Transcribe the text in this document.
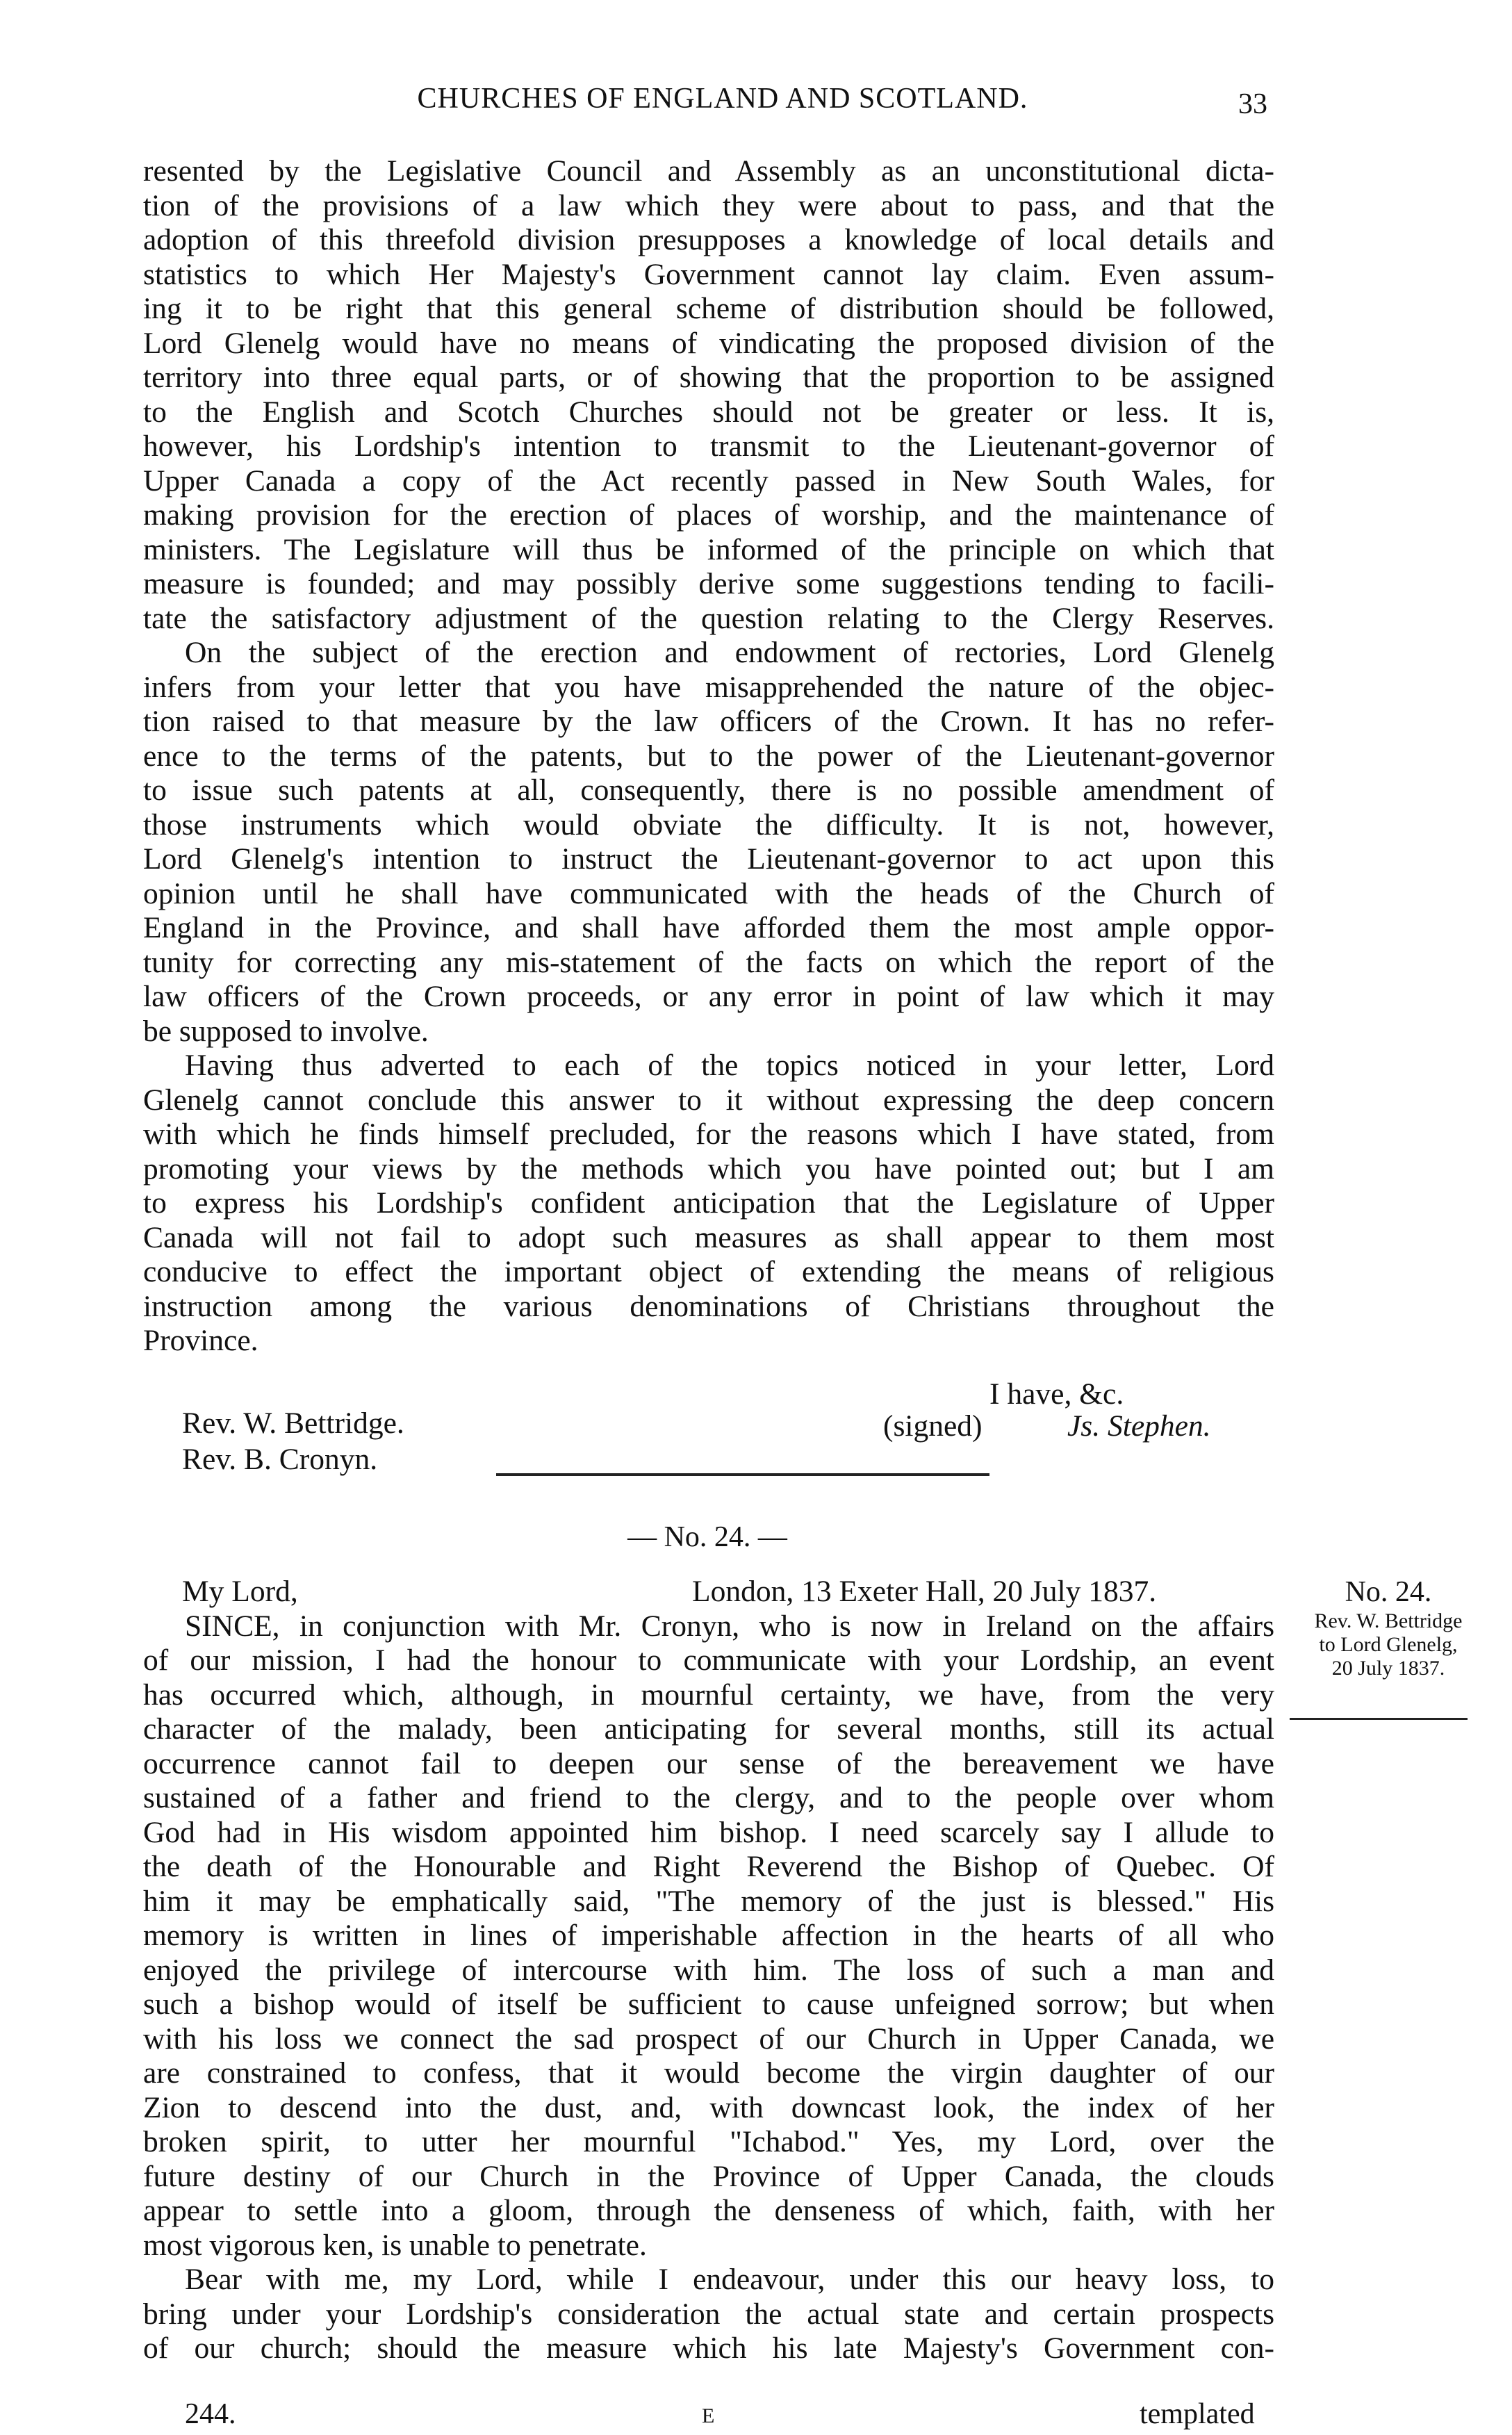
CHURCHES OF ENGLAND AND SCOTLAND.	33
resented by the Legislative Council and Assembly as an unconstitutional dicta-
tion of the provisions of a law which they were about to pass, and that the
adoption of this threefold division presupposes a knowledge of local details and
statistics to which Her Majesty's Government cannot lay claim. Even assum-
ing it to be right that this general scheme of distribution should be followed,
Lord Glenelg would have no means of vindicating the proposed division of the
territory into three equal parts, or of showing that the proportion to be assigned
to the English and Scotch Churches should not be greater or less. It is,
however, his Lordship's intention to transmit to the Lieutenant-governor of
Upper Canada a copy of the Act recently passed in New South Wales, for
making provision for the erection of places of worship, and the maintenance of
ministers. The Legislature will thus be informed of the principle on which that
measure is founded; and may possibly derive some suggestions tending to facili-
tate the satisfactory adjustment of the question relating to the Clergy Reserves.
On the subject of the erection and endowment of rectories, Lord Glenelg
infers from your letter that you have misapprehended the nature of the objec-
tion raised to that measure by the law officers of the Crown. It has no refer-
ence to the terms of the patents, but to the power of the Lieutenant-governor
to issue such patents at all, consequently, there is no possible amendment of
those instruments which would obviate the difficulty. It is not, however,
Lord Glenelg's intention to instruct the Lieutenant-governor to act upon this
opinion until he shall have communicated with the heads of the Church of
England in the Province, and shall have afforded them the most ample oppor-
tunity for correcting any mis-statement of the facts on which the report of the
law officers of the Crown proceeds, or any error in point of law which it may
be supposed to involve.
Having thus adverted to each of the topics noticed in your letter, Lord
Glenelg cannot conclude this answer to it without expressing the deep concern
with which he finds himself precluded, for the reasons which I have stated, from
promoting your views by the methods which you have pointed out; but I am
to express his Lordship's confident anticipation that the Legislature of Upper
Canada will not fail to adopt such measures as shall appear to them most
conducive to effect the important object of extending the means of religious
instruction among the various denominations of Christians throughout the
Province.
I have, &c.
Rev. W. Bettridge.	(signed)	Js. Stephen.
Rev. B. Cronyn.
— No. 24. —
My Lord,	London, 13 Exeter Hall, 20 July 1837.
SINCE, in conjunction with Mr. Cronyn, who is now in Ireland on the affairs
of our mission, I had the honour to communicate with your Lordship, an event
has occurred which, although, in mournful certainty, we have, from the very
character of the malady, been anticipating for several months, still its actual
occurrence cannot fail to deepen our sense of the bereavement we have
sustained of a father and friend to the clergy, and to the people over whom
God had in His wisdom appointed him bishop. I need scarcely say I allude to
the death of the Honourable and Right Reverend the Bishop of Quebec. Of
him it may be emphatically said, "The memory of the just is blessed." His
memory is written in lines of imperishable affection in the hearts of all who
enjoyed the privilege of intercourse with him. The loss of such a man and
such a bishop would of itself be sufficient to cause unfeigned sorrow; but when
with his loss we connect the sad prospect of our Church in Upper Canada, we
are constrained to confess, that it would become the virgin daughter of our
Zion to descend into the dust, and, with downcast look, the index of her
broken spirit, to utter her mournful "Ichabod." Yes, my Lord, over the
future destiny of our Church in the Province of Upper Canada, the clouds
appear to settle into a gloom, through the denseness of which, faith, with her
most vigorous ken, is unable to penetrate.
Bear with me, my Lord, while I endeavour, under this our heavy loss, to
bring under your Lordship's consideration the actual state and certain prospects
of our church; should the measure which his late Majesty's Government con-
No. 24.
Rev. W. Bettridge
to Lord Glenelg,
20 July 1837.
244.	E	templated
